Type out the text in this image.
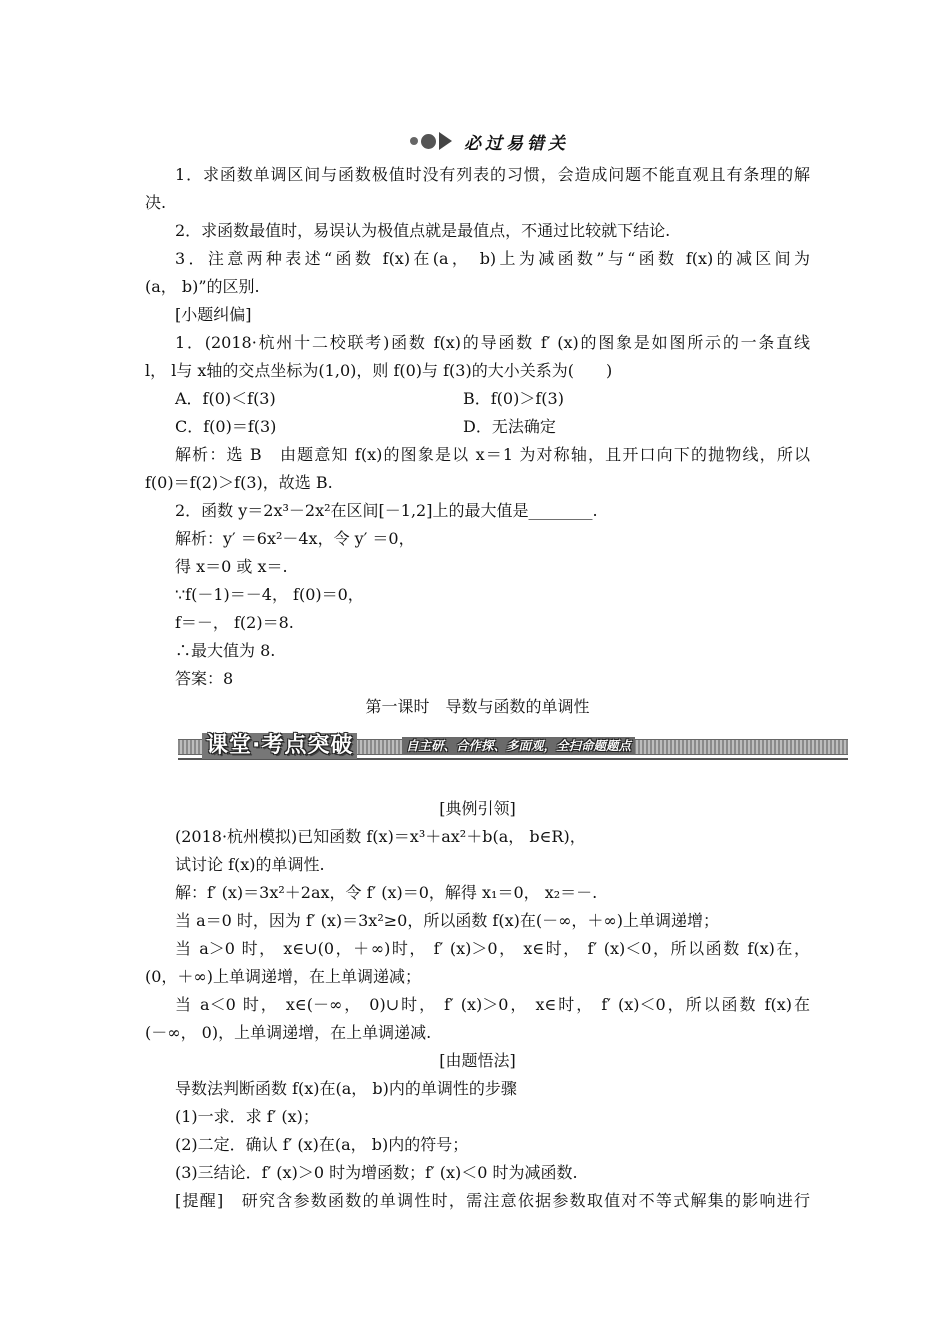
必过易错关
1．求函数单调区间与函数极值时没有列表的习惯，会造成问题不能直观且有条理的解
决.
2．求函数最值时，易误认为极值点就是最值点，不通过比较就下结论.
3．注意两种表述“函数 f(x)在(a， b)上为减函数”与“函数 f(x)的减区间为
(a， b)”的区别.
[小题纠偏]
1．(2018·杭州十二校联考)函数 f(x)的导函数 f′ (x)的图象是如图所示的一条直线
l， l与 x轴的交点坐标为(1,0)，则 f(0)与 f(3)的大小关系为(　　)
A．f(0)＜f(3)	B．f(0)＞f(3)
C．f(0)＝f(3)	D．无法确定
解析：选 B　由题意知 f(x)的图象是以 x＝1 为对称轴，且开口向下的抛物线，所以
f(0)＝f(2)＞f(3)，故选 B.
2．函数 y＝2x³－2x²在区间[－1,2]上的最大值是________.
解析：y′ ＝6x²－4x，令 y′ ＝0，
得 x＝0 或 x＝.
∵f(－1)＝－4， f(0)＝0，
f＝－， f(2)＝8.
∴最大值为 8.
答案：8
第一课时　导数与函数的单调性
课堂·考点突破	自主研、合作探、多面观，全扫命题题点
[典例引领]
(2018·杭州模拟)已知函数 f(x)＝x³＋ax²＋b(a， b∈R)，
试讨论 f(x)的单调性.
解：f′ (x)＝3x²＋2ax，令 f′ (x)＝0，解得 x₁＝0， x₂＝－.
当 a＝0 时，因为 f′ (x)＝3x²≥0，所以函数 f(x)在(－∞，＋∞)上单调递增；
当 a＞0 时， x∈∪(0，＋∞)时， f′ (x)＞0， x∈时， f′ (x)＜0，所以函数 f(x)在，
(0，＋∞)上单调递增，在上单调递减；
当 a＜0 时， x∈(－∞， 0)∪时， f′ (x)＞0， x∈时， f′ (x)＜0，所以函数 f(x)在
(－∞， 0)，上单调递增，在上单调递减.
[由题悟法]
导数法判断函数 f(x)在(a， b)内的单调性的步骤
(1)一求．求 f′ (x)；
(2)二定．确认 f′ (x)在(a， b)内的符号；
(3)三结论．f′ (x)＞0 时为增函数；f′ (x)＜0 时为减函数.
[提醒]　研究含参数函数的单调性时，需注意依据参数取值对不等式解集的影响进行
